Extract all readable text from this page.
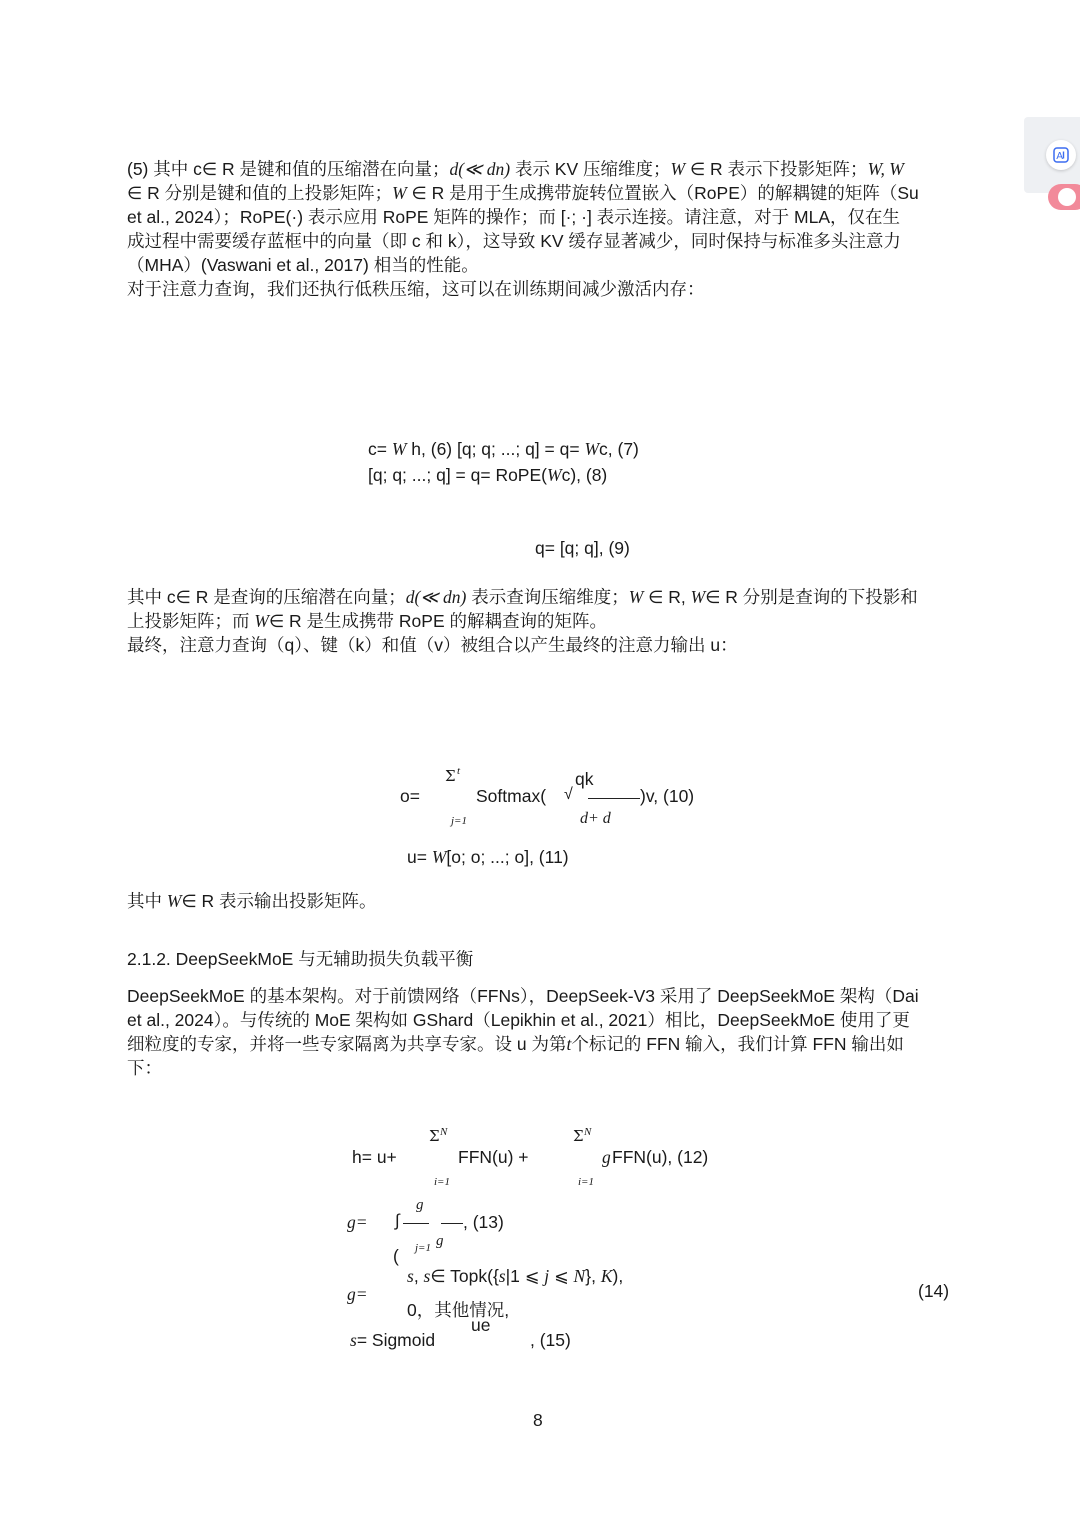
A
(5) 其中 c∈ R 是键和值的压缩潜在向量；d(≪ dn) 表示 KV 压缩维度；W ∈ R 表示下投影矩阵；W, W
∈ R 分别是键和值的上投影矩阵；W ∈ R 是用于生成携带旋转位置嵌入（RoPE）的解耦键的矩阵（Su
et al., 2024）；RoPE(·) 表示应用 RoPE 矩阵的操作；而 [·; ·] 表示连接。请注意，对于 MLA，仅在生
成过程中需要缓存蓝框中的向量（即 c 和 k），这导致 KV 缓存显著减少，同时保持与标准多头注意力
（MHA）(Vaswani et al., 2017) 相当的性能。
对于注意力查询，我们还执行低秩压缩，这可以在训练期间减少激活内存：
c= W h, (6) [q; q; ...; q] = q= Wc, (7)
[q; q; ...; q] = q= RoPE(Wc), (8)
q= [q; q], (9)
其中 c∈ R 是查询的压缩潜在向量；d(≪ dn) 表示查询压缩维度；W ∈ R, W∈ R 分别是查询的下投影和
上投影矩阵；而 W∈ R 是生成携带 RoPE 的解耦查询的矩阵。
最终，注意力查询（q）、键（k）和值（v）被组合以产生最终的注意力输出 u：
o=
Σ t
j=1
Softmax(
qk
√	)v, (10)
d+ d
u= W[o; o; ...; o], (11)
其中 W∈ R 表示输出投影矩阵。
2.1.2. DeepSeekMoE 与无辅助损失负载平衡
DeepSeekMoE 的基本架构。对于前馈网络（FFNs），DeepSeek-V3 采用了 DeepSeekMoE 架构（Dai
et al., 2024）。与传统的 MoE 架构如 GShard（Lepikhin et al., 2021）相比，DeepSeekMoE 使用了更
细粒度的专家，并将一些专家隔离为共享专家。设 u 为第t个标记的 FFN 输入，我们计算 FFN 输出如
下：
h= u+
Σ N
i=1
FFN(u) +
Σ N
i=1
g FFN(u), (12)
g= ∫
g
, (13)
j=1 g
(
g=
s, s∈ Topk({s|1 ⩽ j ⩽ N}, K),
0，其他情况,
(14)
s= Sigmoid
ue
, (15)
8
